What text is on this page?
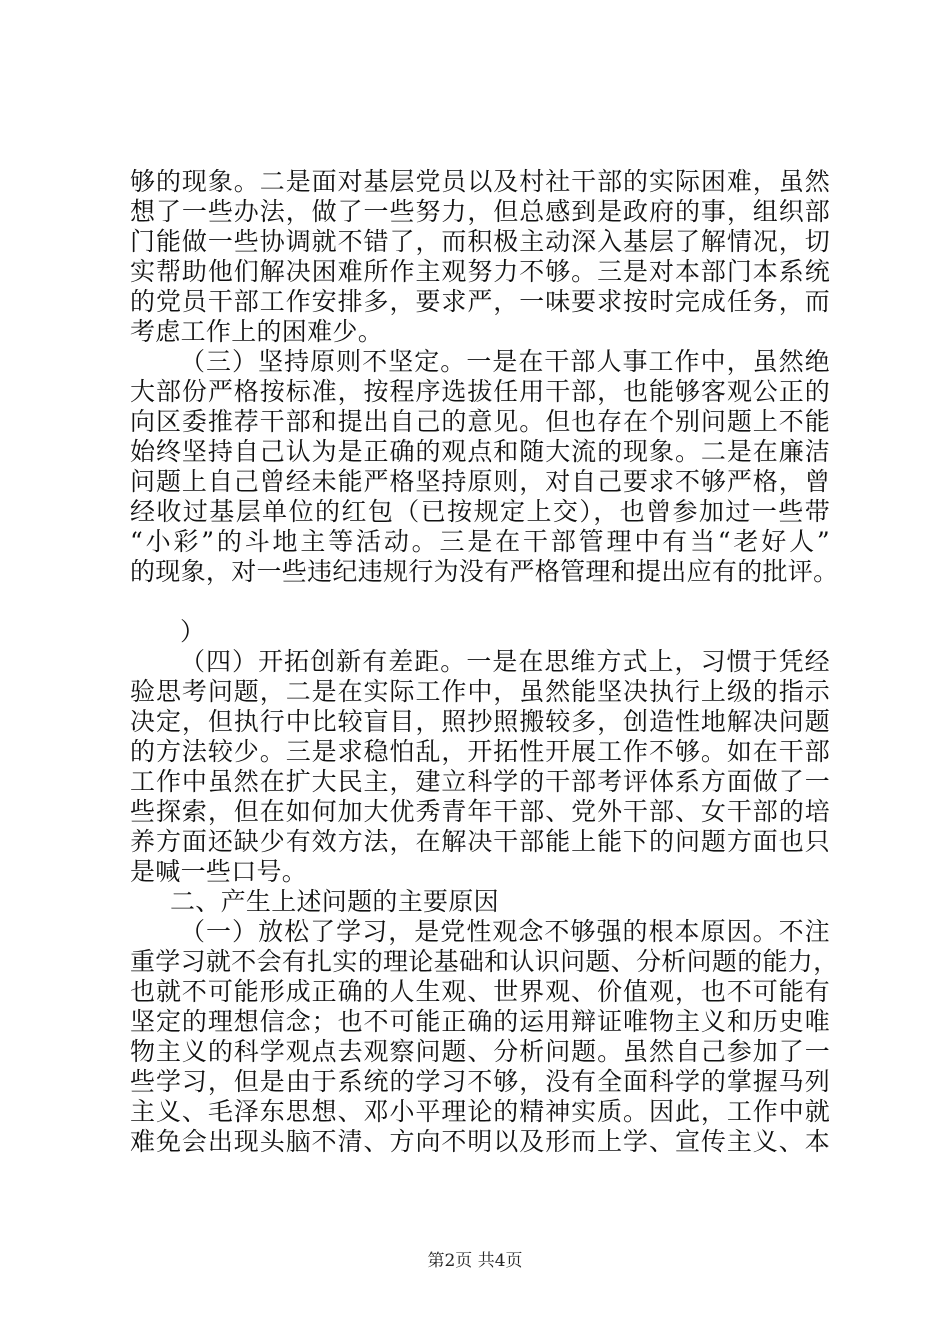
够的现象。二是面对基层党员以及村社干部的实际困难，虽然
想了一些办法，做了一些努力，但总感到是政府的事，组织部
门能做一些协调就不错了，而积极主动深入基层了解情况，切
实帮助他们解决困难所作主观努力不够。三是对本部门本系统
的党员干部工作安排多，要求严，一味要求按时完成任务，而
考虑工作上的困难少。
（三）坚持原则不坚定。一是在干部人事工作中，虽然绝
大部份严格按标准，按程序选拔任用干部，也能够客观公正的
向区委推荐干部和提出自己的意见。但也存在个别问题上不能
始终坚持自己认为是正确的观点和随大流的现象。二是在廉洁
问题上自己曾经未能严格坚持原则，对自己要求不够严格，曾
经收过基层单位的红包（已按规定上交），也曾参加过一些带
“小彩”的斗地主等活动。三是在干部管理中有当“老好人”
的现象，对一些违纪违规行为没有严格管理和提出应有的批评。
）
（四）开拓创新有差距。一是在思维方式上，习惯于凭经
验思考问题，二是在实际工作中，虽然能坚决执行上级的指示
决定，但执行中比较盲目，照抄照搬较多，创造性地解决问题
的方法较少。三是求稳怕乱，开拓性开展工作不够。如在干部
工作中虽然在扩大民主，建立科学的干部考评体系方面做了一
些探索，但在如何加大优秀青年干部、党外干部、女干部的培
养方面还缺少有效方法，在解决干部能上能下的问题方面也只
是喊一些口号。
二、产生上述问题的主要原因
（一）放松了学习，是党性观念不够强的根本原因。不注
重学习就不会有扎实的理论基础和认识问题、分析问题的能力，
也就不可能形成正确的人生观、世界观、价值观，也不可能有
坚定的理想信念；也不可能正确的运用辩证唯物主义和历史唯
物主义的科学观点去观察问题、分析问题。虽然自己参加了一
些学习，但是由于系统的学习不够，没有全面科学的掌握马列
主义、毛泽东思想、邓小平理论的精神实质。因此，工作中就
难免会出现头脑不清、方向不明以及形而上学、宣传主义、本
第2页 共4页
